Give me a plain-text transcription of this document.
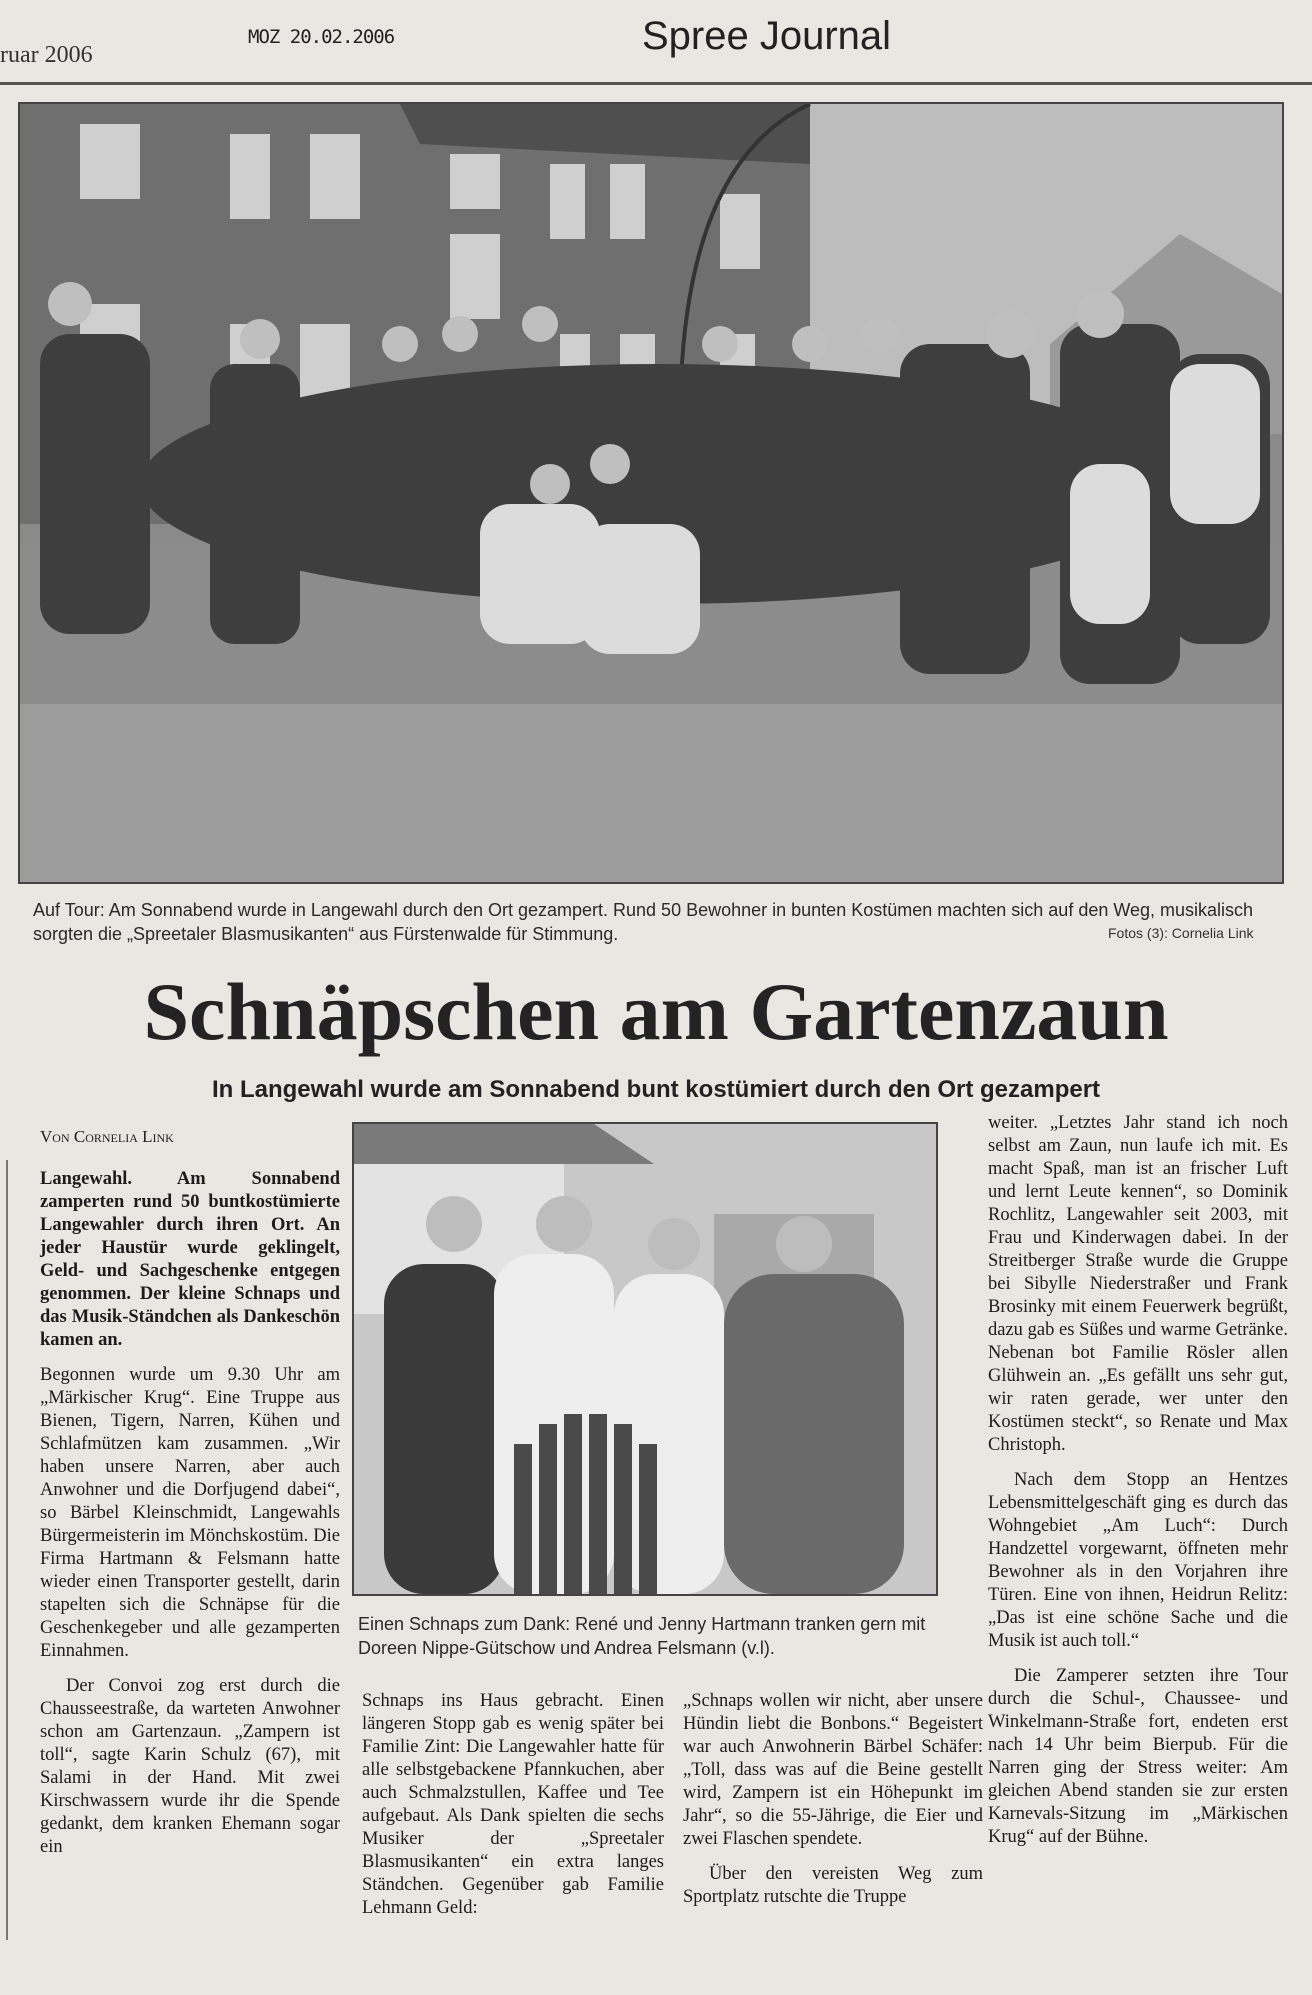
ruar 2006
MOZ 20.02.2006	Spree Journal
Auf Tour: Am Sonnabend wurde in Langewahl durch den Ort gezampert. Rund 50 Bewohner in bunten Kostümen machten sich auf den Weg, musikalisch sorgten die „Spreetaler Blasmusikanten“ aus Fürstenwalde für Stimmung.	Fotos (3): Cornelia Link
Schnäpschen am Gartenzaun
In Langewahl wurde am Sonnabend bunt kostümiert durch den Ort gezampert
Von Cornelia Link

Langewahl. Am Sonnabend zamperten rund 50 buntkostümierte Langewahler durch ihren Ort. An jeder Haustür wurde geklingelt, Geld- und Sachgeschenke entgegen genommen. Der kleine Schnaps und das Musik-Ständchen als Dankeschön kamen an.

Begonnen wurde um 9.30 Uhr am „Märkischer Krug“. Eine Truppe aus Bienen, Tigern, Narren, Kühen und Schlafmützen kam zusammen. „Wir haben unsere Narren, aber auch Anwohner und die Dorfjugend dabei“, so Bärbel Kleinschmidt, Langewahls Bürgermeisterin im Mönchskostüm. Die Firma Hartmann & Felsmann hatte wieder einen Transporter gestellt, darin stapelten sich die Schnäpse für die Geschenkegeber und alle gezamperten Einnahmen.

Der Convoi zog erst durch die Chausseestraße, da warteten Anwohner schon am Gartenzaun. „Zampern ist toll“, sagte Karin Schulz (67), mit Salami in der Hand. Mit zwei Kirschwassern wurde ihr die Spende gedankt, dem kranken Ehemann sogar ein

Einen Schnaps zum Dank: René und Jenny Hartmann tranken gern mit Doreen Nippe-Gütschow und Andrea Felsmann (v.l).

Schnaps ins Haus gebracht. Einen längeren Stopp gab es wenig später bei Familie Zint: Die Langewahler hatte für alle selbstgebackene Pfannkuchen, aber auch Schmalzstullen, Kaffee und Tee aufgebaut. Als Dank spielten die sechs Musiker der „Spreetaler Blasmusikanten“ ein extra langes Ständchen. Gegenüber gab Familie Lehmann Geld:

„Schnaps wollen wir nicht, aber unsere Hündin liebt die Bonbons.“ Begeistert war auch Anwohnerin Bärbel Schäfer: „Toll, dass was auf die Beine gestellt wird, Zampern ist ein Höhepunkt im Jahr“, so die 55-Jährige, die Eier und zwei Flaschen spendete.

Über den vereisten Weg zum Sportplatz rutschte die Truppe

weiter. „Letztes Jahr stand ich noch selbst am Zaun, nun laufe ich mit. Es macht Spaß, man ist an frischer Luft und lernt Leute kennen“, so Dominik Rochlitz, Langewahler seit 2003, mit Frau und Kinderwagen dabei. In der Streitberger Straße wurde die Gruppe bei Sibylle Niederstraßer und Frank Brosinky mit einem Feuerwerk begrüßt, dazu gab es Süßes und warme Getränke. Nebenan bot Familie Rösler allen Glühwein an. „Es gefällt uns sehr gut, wir raten gerade, wer unter den Kostümen steckt“, so Renate und Max Christoph.

Nach dem Stopp an Hentzes Lebensmittelgeschäft ging es durch das Wohngebiet „Am Luch“: Durch Handzettel vorgewarnt, öffneten mehr Bewohner als in den Vorjahren ihre Türen. Eine von ihnen, Heidrun Relitz: „Das ist eine schöne Sache und die Musik ist auch toll.“

Die Zamperer setzten ihre Tour durch die Schul-, Chaussee- und Winkelmann-Straße fort, endeten erst nach 14 Uhr beim Bierpub. Für die Narren ging der Stress weiter: Am gleichen Abend standen sie zur ersten Karnevals-Sitzung im „Märkischen Krug“ auf der Bühne.
